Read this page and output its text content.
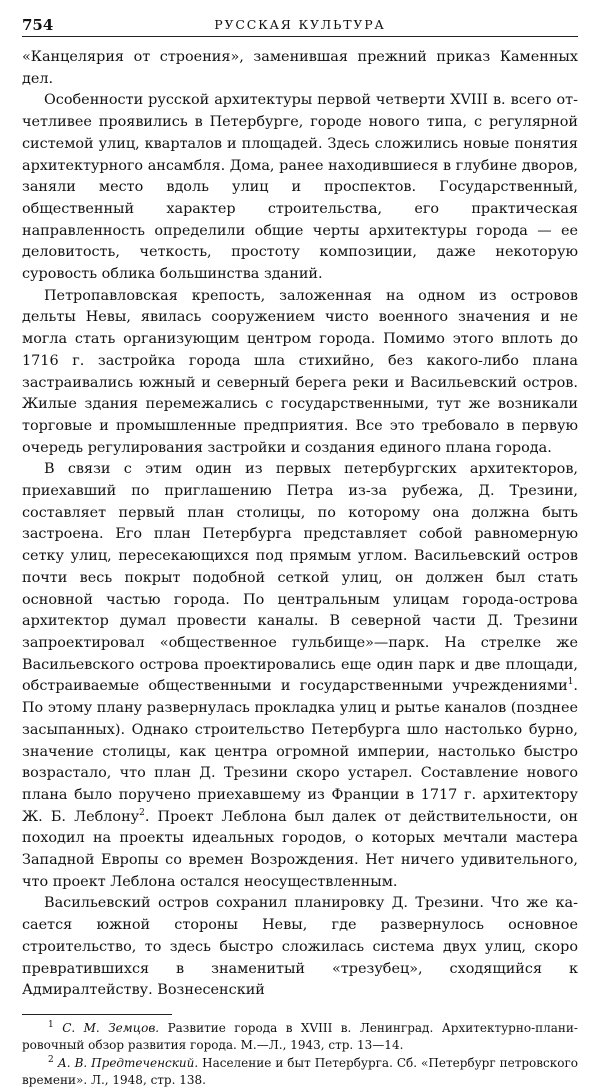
754	РУССКАЯ КУЛЬТУРА

«Канцелярия от строения», заменившая прежний приказ Каменных дел.

Особенности русской архитектуры первой четверти XVIII в. всего отчетливее проявились в Петербурге, городе нового типа, с регулярной системой улиц, кварталов и площадей. Здесь сложились новые понятия архитектурного ансамбля. Дома, ранее находившиеся в глубине дворов, заняли место вдоль улиц и проспектов. Государственный, общественный характер строительства, его практическая направленность определили общие черты архитектуры города — ее деловитость, четкость, простоту композиции, даже некоторую суровость облика большинства зданий.

Петропавловская крепость, заложенная на одном из островов дельты Невы, явилась сооружением чисто военного значения и не могла стать организующим центром города. Помимо этого вплоть до 1716 г. застройка города шла стихийно, без какого-либо плана застраивались южный и северный берега реки и Васильевский остров. Жилые здания перемежались с государственными, тут же возникали торговые и промышленные предприятия. Все это требовало в первую очередь регулирования застройки и создания единого плана города.

В связи с этим один из первых петербургских архитекторов, приехавший по приглашению Петра из-за рубежа, Д. Трезини, составляет первый план столицы, по которому она должна быть застроена. Его план Петербурга представляет собой равномерную сетку улиц, пересекающихся под прямым углом. Васильевский остров почти весь покрыт подобной сеткой улиц, он должен был стать основной частью города. По центральным улицам города-острова архитектор думал провести каналы. В северной части Д. Трезини запроектировал «общественное гульбище»—парк. На стрелке же Васильевского острова проектировались еще один парк и две площади, обстраиваемые общественными и государственными учреждениями$^1$. По этому плану развернулась прокладка улиц и рытье каналов (позднее засыпанных). Однако строительство Петербурга шло настолько бурно, значение столицы, как центра огромной империи, настолько быстро возрастало, что план Д. Трезини скоро устарел. Составление нового плана было поручено приехавшему из Франции в 1717 г. архитектору Ж. Б. Леблону$^2$. Проект Леблона был далек от действительности, он походил на проекты идеальных городов, о которых мечтали мастера Западной Европы со времен Возрождения. Нет ничего удивительного, что проект Леблона остался неосуществленным.

Васильевский остров сохранил планировку Д. Трезини. Что же касается южной стороны Невы, где развернулось основное строительство, то здесь быстро сложилась система двух улиц, скоро превратившихся в знаменитый «трезубец», сходящийся к Адмиралтейству. Вознесенский

$^1$ С. М. Земцов. Развитие города в XVIII в. Ленинград. Архитектурно-планировочный обзор развития города. М.—Л., 1943, стр. 13—14.

$^2$ А. В. Предтеченский. Население и быт Петербурга. Сб. «Петербург петровского времени». Л., 1948, стр. 138.
